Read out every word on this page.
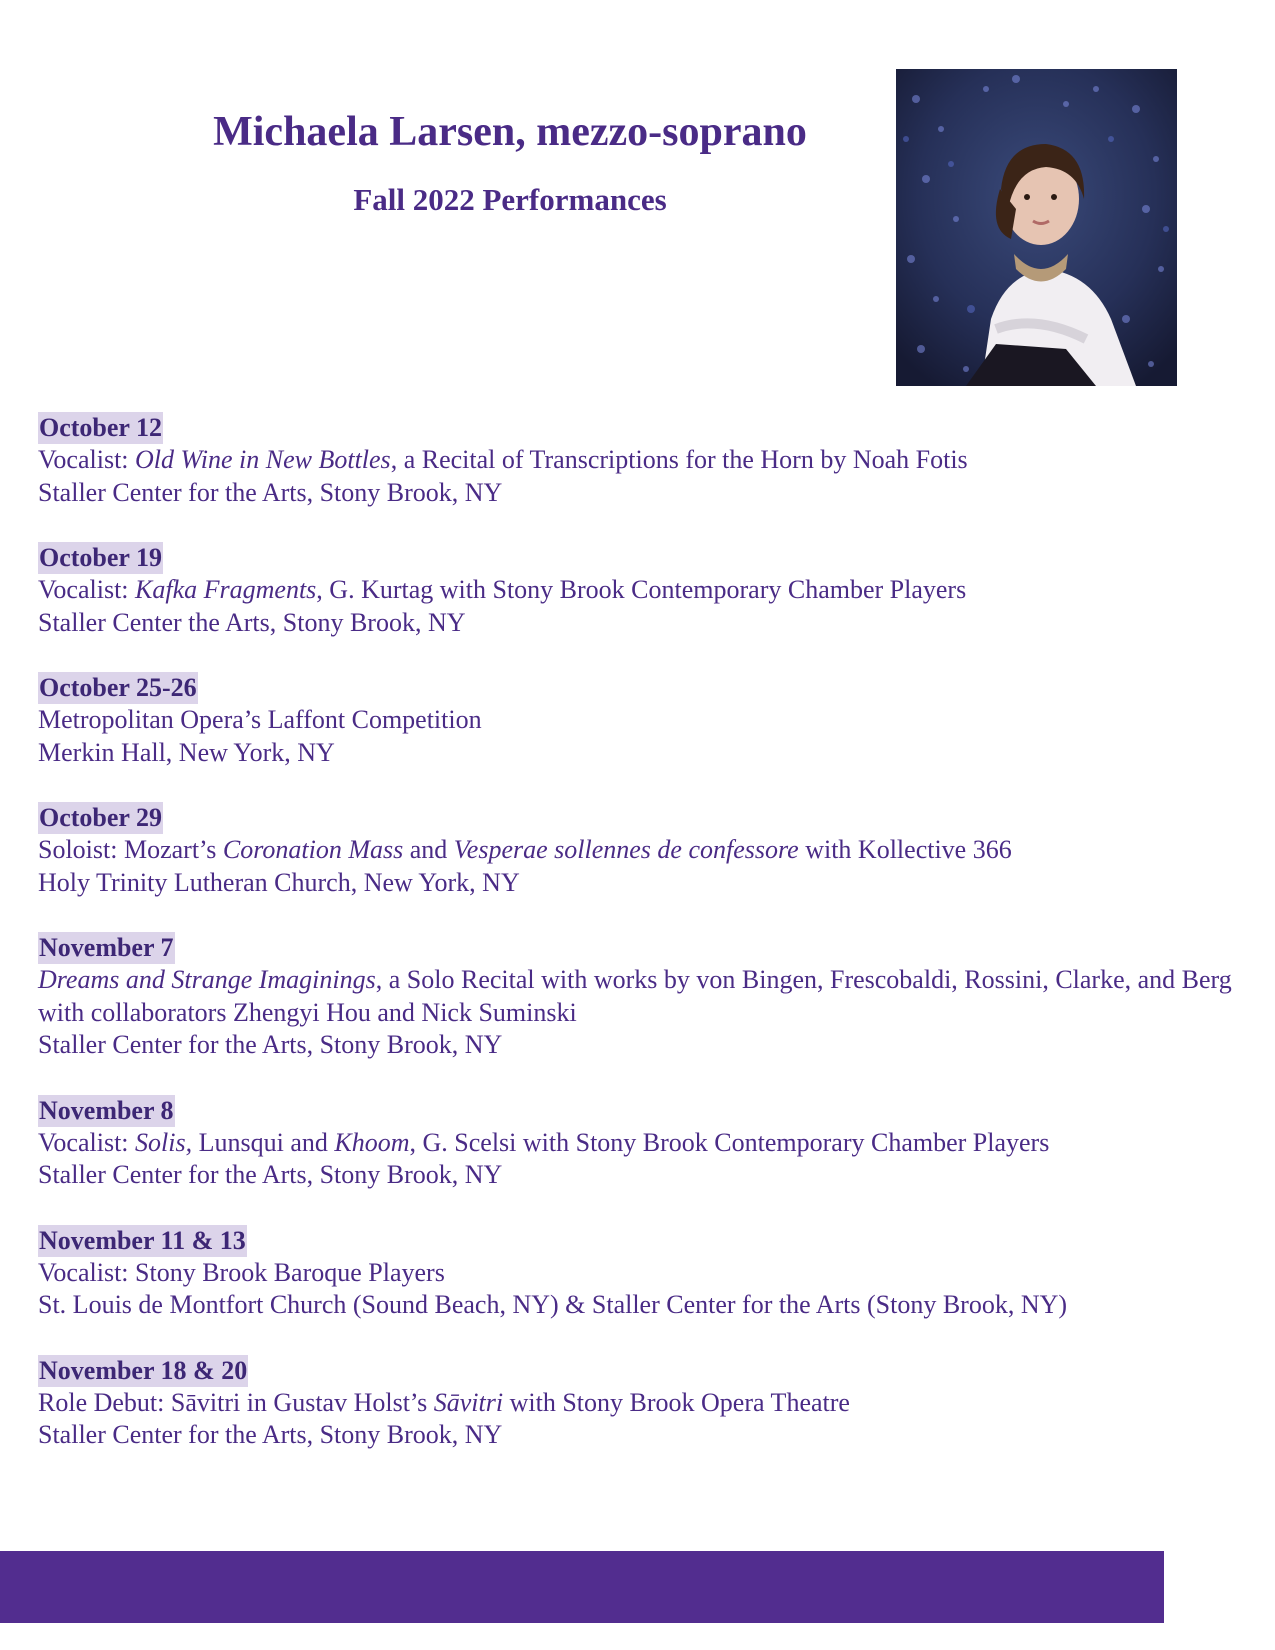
Michaela Larsen, mezzo-soprano
Fall 2022 Performances
October 12
Vocalist: Old Wine in New Bottles, a Recital of Transcriptions for the Horn by Noah Fotis
Staller Center for the Arts, Stony Brook, NY
October 19
Vocalist: Kafka Fragments, G. Kurtag with Stony Brook Contemporary Chamber Players
Staller Center the Arts, Stony Brook, NY
October 25-26
Metropolitan Opera’s Laffont Competition
Merkin Hall, New York, NY
October 29
Soloist: Mozart’s Coronation Mass and Vesperae sollennes de confessore with Kollective 366
Holy Trinity Lutheran Church, New York, NY
November 7
Dreams and Strange Imaginings, a Solo Recital with works by von Bingen, Frescobaldi, Rossini, Clarke, and Berg
with collaborators Zhengyi Hou and Nick Suminski
Staller Center for the Arts, Stony Brook, NY
November 8
Vocalist: Solis, Lunsqui and Khoom, G. Scelsi with Stony Brook Contemporary Chamber Players
Staller Center for the Arts, Stony Brook, NY
November 11 & 13
Vocalist: Stony Brook Baroque Players
St. Louis de Montfort Church (Sound Beach, NY) & Staller Center for the Arts (Stony Brook, NY)
November 18 & 20
Role Debut: Sāvitri in Gustav Holst’s Sāvitri with Stony Brook Opera Theatre
Staller Center for the Arts, Stony Brook, NY
